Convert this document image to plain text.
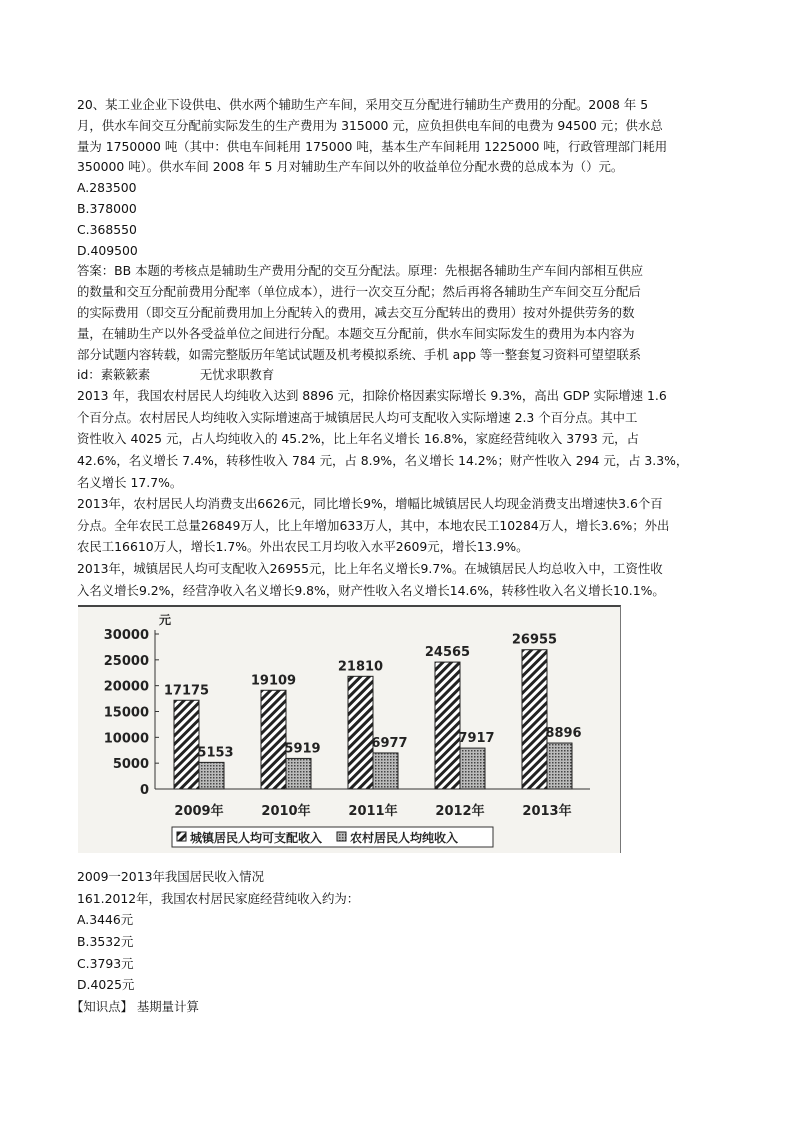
20、某工业企业下设供电、供水两个辅助生产车间，采用交互分配进行辅助生产费用的分配。2008 年 5
月，供水车间交互分配前实际发生的生产费用为 315000 元，应负担供电车间的电费为 94500 元；供水总
量为 1750000 吨（其中：供电车间耗用 175000 吨，基本生产车间耗用 1225000 吨，行政管理部门耗用
350000 吨）。供水车间 2008 年 5 月对辅助生产车间以外的收益单位分配水费的总成本为（）元。
A.283500
B.378000
C.368550
D.409500
答案：BB 本题的考核点是辅助生产费用分配的交互分配法。原理：先根据各辅助生产车间内部相互供应
的数量和交互分配前费用分配率（单位成本），进行一次交互分配；然后再将各辅助生产车间交互分配后
的实际费用（即交互分配前费用加上分配转入的费用，减去交互分配转出的费用）按对外提供劳务的数
量，在辅助生产以外各受益单位之间进行分配。本题交互分配前，供水车间实际发生的费用为本内容为
部分试题内容转载，如需完整版历年笔试试题及机考模拟系统、手机 app 等一整套复习资料可望望联系
id：素簌簌素　　　　无忧求职教育
2013 年，我国农村居民人均纯收入达到 8896 元，扣除价格因素实际增长 9.3%，高出 GDP 实际增速 1.6
个百分点。农村居民人均纯收入实际增速高于城镇居民人均可支配收入实际增速 2.3 个百分点。其中工
资性收入 4025 元，占人均纯收入的 45.2%，比上年名义增长 16.8%，家庭经营纯收入 3793 元，占
42.6%，名义增长 7.4%，转移性收入 784 元，占 8.9%，名义增长 14.2%；财产性收入 294 元，占 3.3%，
名义增长 17.7%。
2013年，农村居民人均消费支出6626元，同比增长9%，增幅比城镇居民人均现金消费支出增速快3.6个百
分点。全年农民工总量26849万人，比上年增加633万人，其中，本地农民工10284万人，增长3.6%；外出
农民工16610万人，增长1.7%。外出农民工月均收入水平2609元，增长13.9%。
2013年，城镇居民人均可支配收入26955元，比上年名义增长9.7%。在城镇居民人均总收入中，工资性收
入名义增长9.2%，经营净收入名义增长9.8%，财产性收入名义增长14.6%，转移性收入名义增长10.1%。
元
0
5000
10000
15000
20000
25000
30000
17175
5153
2009年
19109
5919
2010年
21810
6977
2011年
24565
7917
2012年
26955
8896
2013年
城镇居民人均可支配收入 农村居民人均纯收入
2009一2013年我国居民收入情况
161.2012年，我国农村居民家庭经营纯收入约为：
A.3446元
B.3532元
C.3793元
D.4025元
【知识点】 基期量计算
